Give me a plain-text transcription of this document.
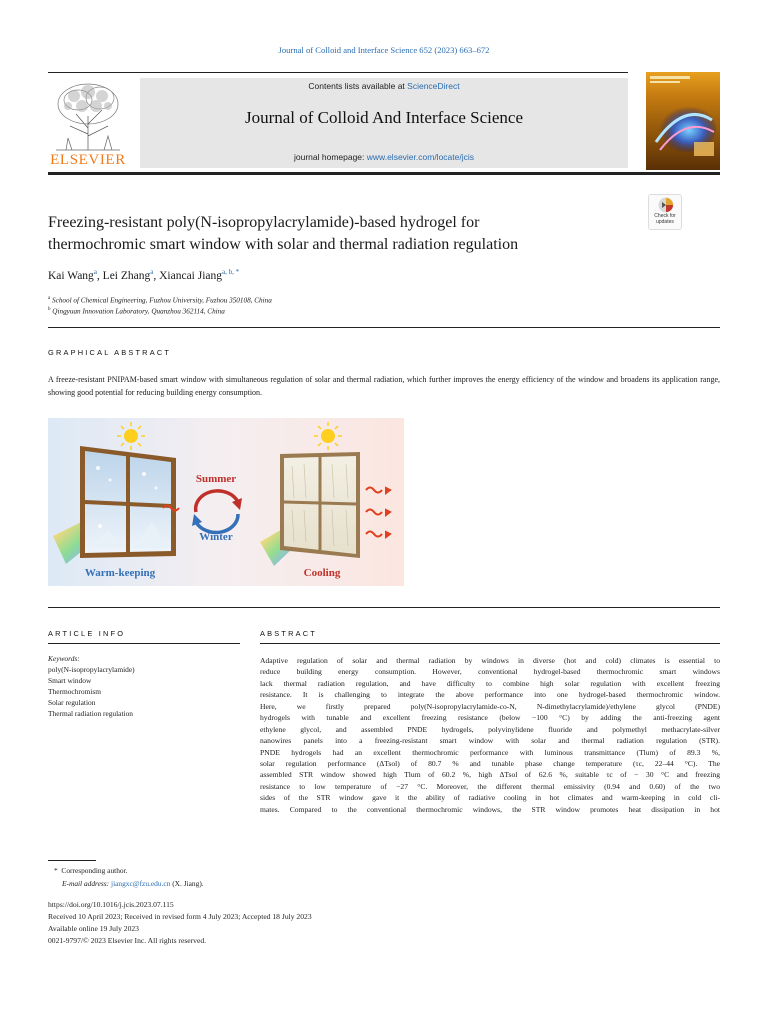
Journal of Colloid and Interface Science 652 (2023) 663–672
ELSEVIER
Contents lists available at ScienceDirect
Journal of Colloid And Interface Science
journal homepage: www.elsevier.com/locate/jcis
Check for updates
Freezing-resistant poly(N-isopropylacrylamide)-based hydrogel for
thermochromic smart window with solar and thermal radiation regulation
Kai Wang$^a$, Lei Zhang$^a$, Xiancai Jiang$^{a, b, *}$
$^a$ School of Chemical Engineering, Fuzhou University, Fuzhou 350108, China
$^b$ Qingyuan Innovation Laboratory, Quanzhou 362114, China
GRAPHICAL ABSTRACT
A freeze-resistant PNIPAM-based smart window with simultaneous regulation of solar and thermal radiation, which further improves the energy efficiency of the window and broadens its application range, showing good potential for reducing building energy consumption.
Summer
Winter
Warm-keeping	Cooling
ARTICLE INFO
Keywords:
poly(N-isopropylacrylamide)
Smart window
Thermochromism
Solar regulation
Thermal radiation regulation
ABSTRACT
Adaptive regulation of solar and thermal radiation by windows in diverse (hot and cold) climates is essential to
reduce building energy consumption. However, conventional hydrogel-based thermochromic smart windows
lack thermal radiation regulation, and have difficulty to combine high solar regulation with excellent freezing
resistance. It is challenging to integrate the above performance into one hydrogel-based thermochromic window.
Here, we firstly prepared poly(N-isopropylacrylamide-co-N, N-dimethylacrylamide)/ethylene glycol (PNDE)
hydrogels with tunable and excellent freezing resistance (below −100 °C) by adding the anti-freezing agent
ethylene glycol, and assembled PNDE hydrogels, polyvinylidene fluoride and polymethyl methacrylate-silver
nanowires panels into a freezing-resistant smart window with solar and thermal radiation regulation (STR).
PNDE hydrogels had an excellent thermochromic performance with luminous transmittance (Tlum) of 89.3 %,
solar regulation performance (ΔTsol) of 80.7 % and tunable phase change temperature (τc, 22–44 °C). The
assembled STR window showed high Tlum of 60.2 %, high ΔTsol of 62.6 %, suitable τc of − 30 °C and freezing
resistance to low temperature of −27 °C. Moreover, the different thermal emissivity (0.94 and 0.60) of the two
sides of the STR window gave it the ability of radiative cooling in hot climates and warm-keeping in cold cli-
mates. Compared to the conventional thermochromic windows, the STR window promotes heat dissipation in hot
*  Corresponding author.
E-mail address: jiangxc@fzu.edu.cn (X. Jiang).
https://doi.org/10.1016/j.jcis.2023.07.115
Received 10 April 2023; Received in revised form 4 July 2023; Accepted 18 July 2023
Available online 19 July 2023
0021-9797/© 2023 Elsevier Inc. All rights reserved.
